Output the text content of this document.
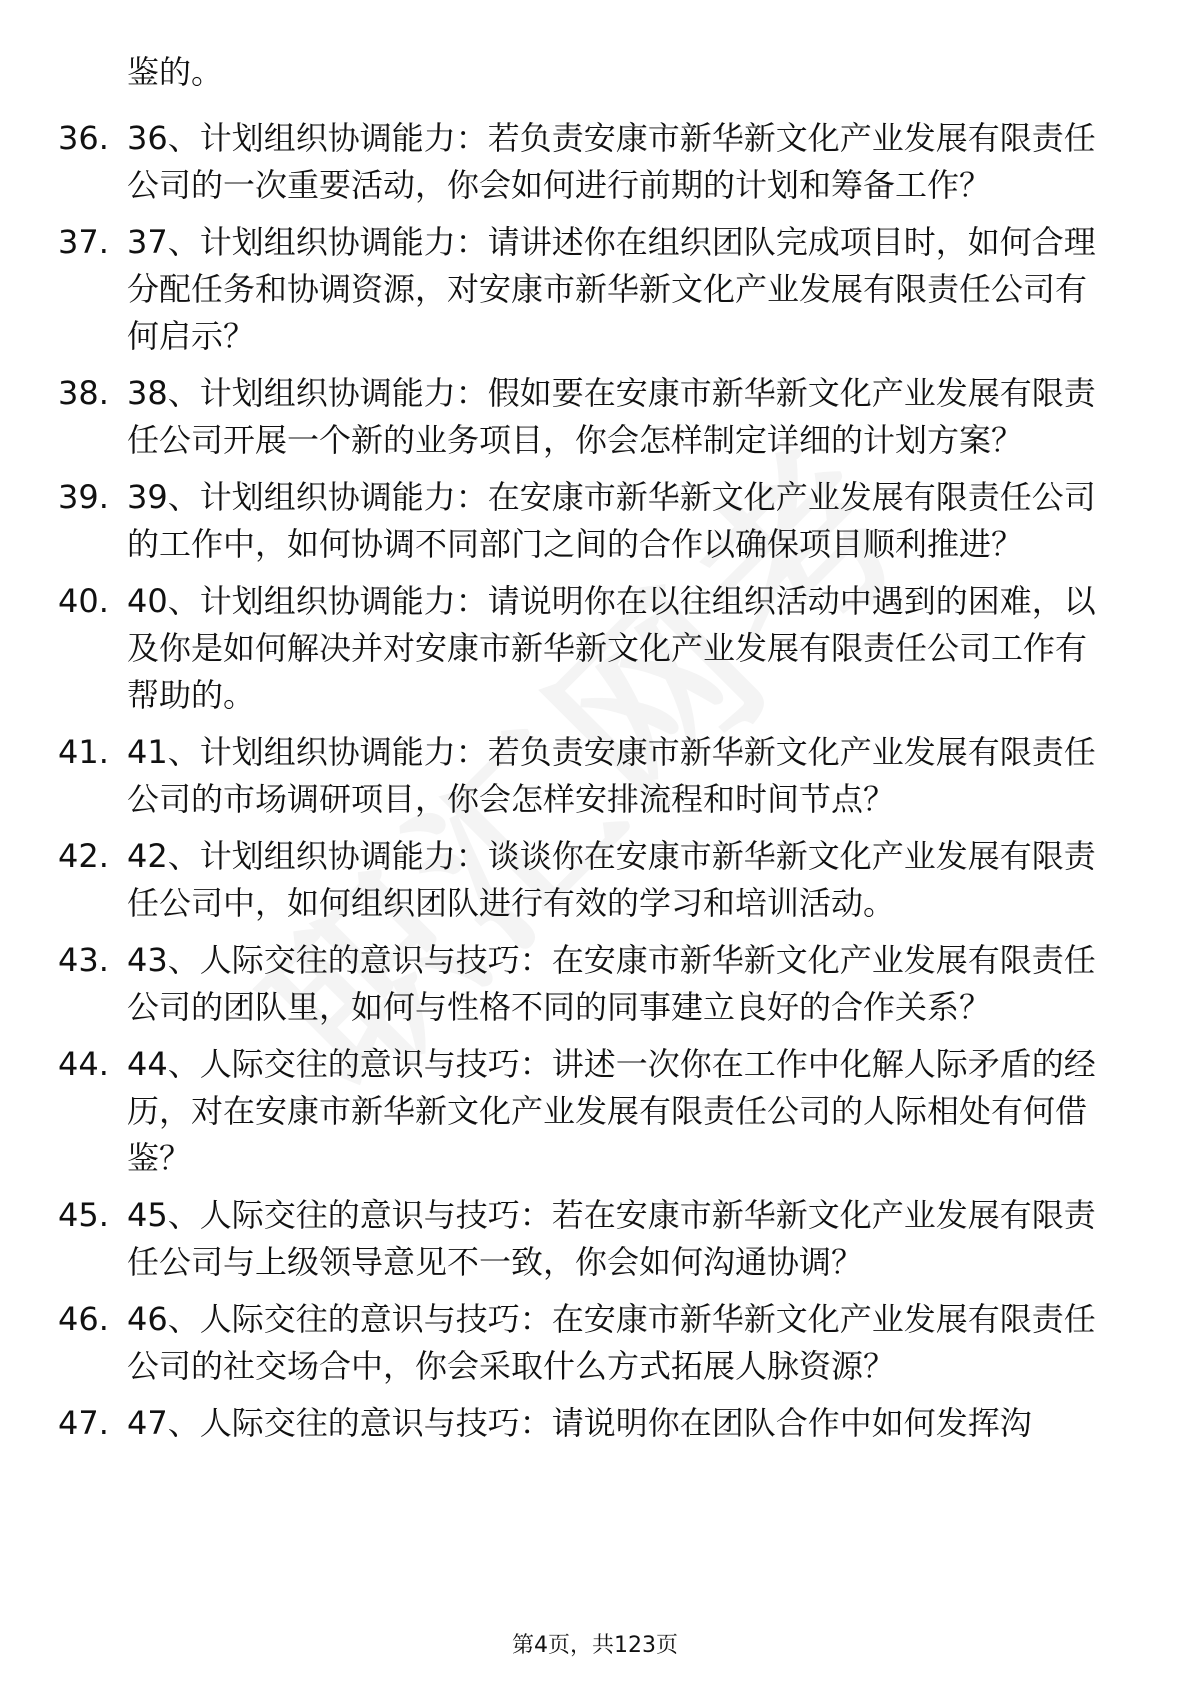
鉴的。
36. 36、计划组织协调能力：若负责安康市新华新文化产业发展有限责任公司的一次重要活动，你会如何进行前期的计划和筹备工作？
37. 37、计划组织协调能力：请讲述你在组织团队完成项目时，如何合理分配任务和协调资源，对安康市新华新文化产业发展有限责任公司有何启示？
38. 38、计划组织协调能力：假如要在安康市新华新文化产业发展有限责任公司开展一个新的业务项目，你会怎样制定详细的计划方案？
39. 39、计划组织协调能力：在安康市新华新文化产业发展有限责任公司的工作中，如何协调不同部门之间的合作以确保项目顺利推进？
40. 40、计划组织协调能力：请说明你在以往组织活动中遇到的困难，以及你是如何解决并对安康市新华新文化产业发展有限责任公司工作有帮助的。
41. 41、计划组织协调能力：若负责安康市新华新文化产业发展有限责任公司的市场调研项目，你会怎样安排流程和时间节点？
42. 42、计划组织协调能力：谈谈你在安康市新华新文化产业发展有限责任公司中，如何组织团队进行有效的学习和培训活动。
43. 43、人际交往的意识与技巧：在安康市新华新文化产业发展有限责任公司的团队里，如何与性格不同的同事建立良好的合作关系？
44. 44、人际交往的意识与技巧：讲述一次你在工作中化解人际矛盾的经历，对在安康市新华新文化产业发展有限责任公司的人际相处有何借鉴？
45. 45、人际交往的意识与技巧：若在安康市新华新文化产业发展有限责任公司与上级领导意见不一致，你会如何沟通协调？
46. 46、人际交往的意识与技巧：在安康市新华新文化产业发展有限责任公司的社交场合中，你会采取什么方式拓展人脉资源？
47. 47、人际交往的意识与技巧：请说明你在团队合作中如何发挥沟
第4页，共123页
